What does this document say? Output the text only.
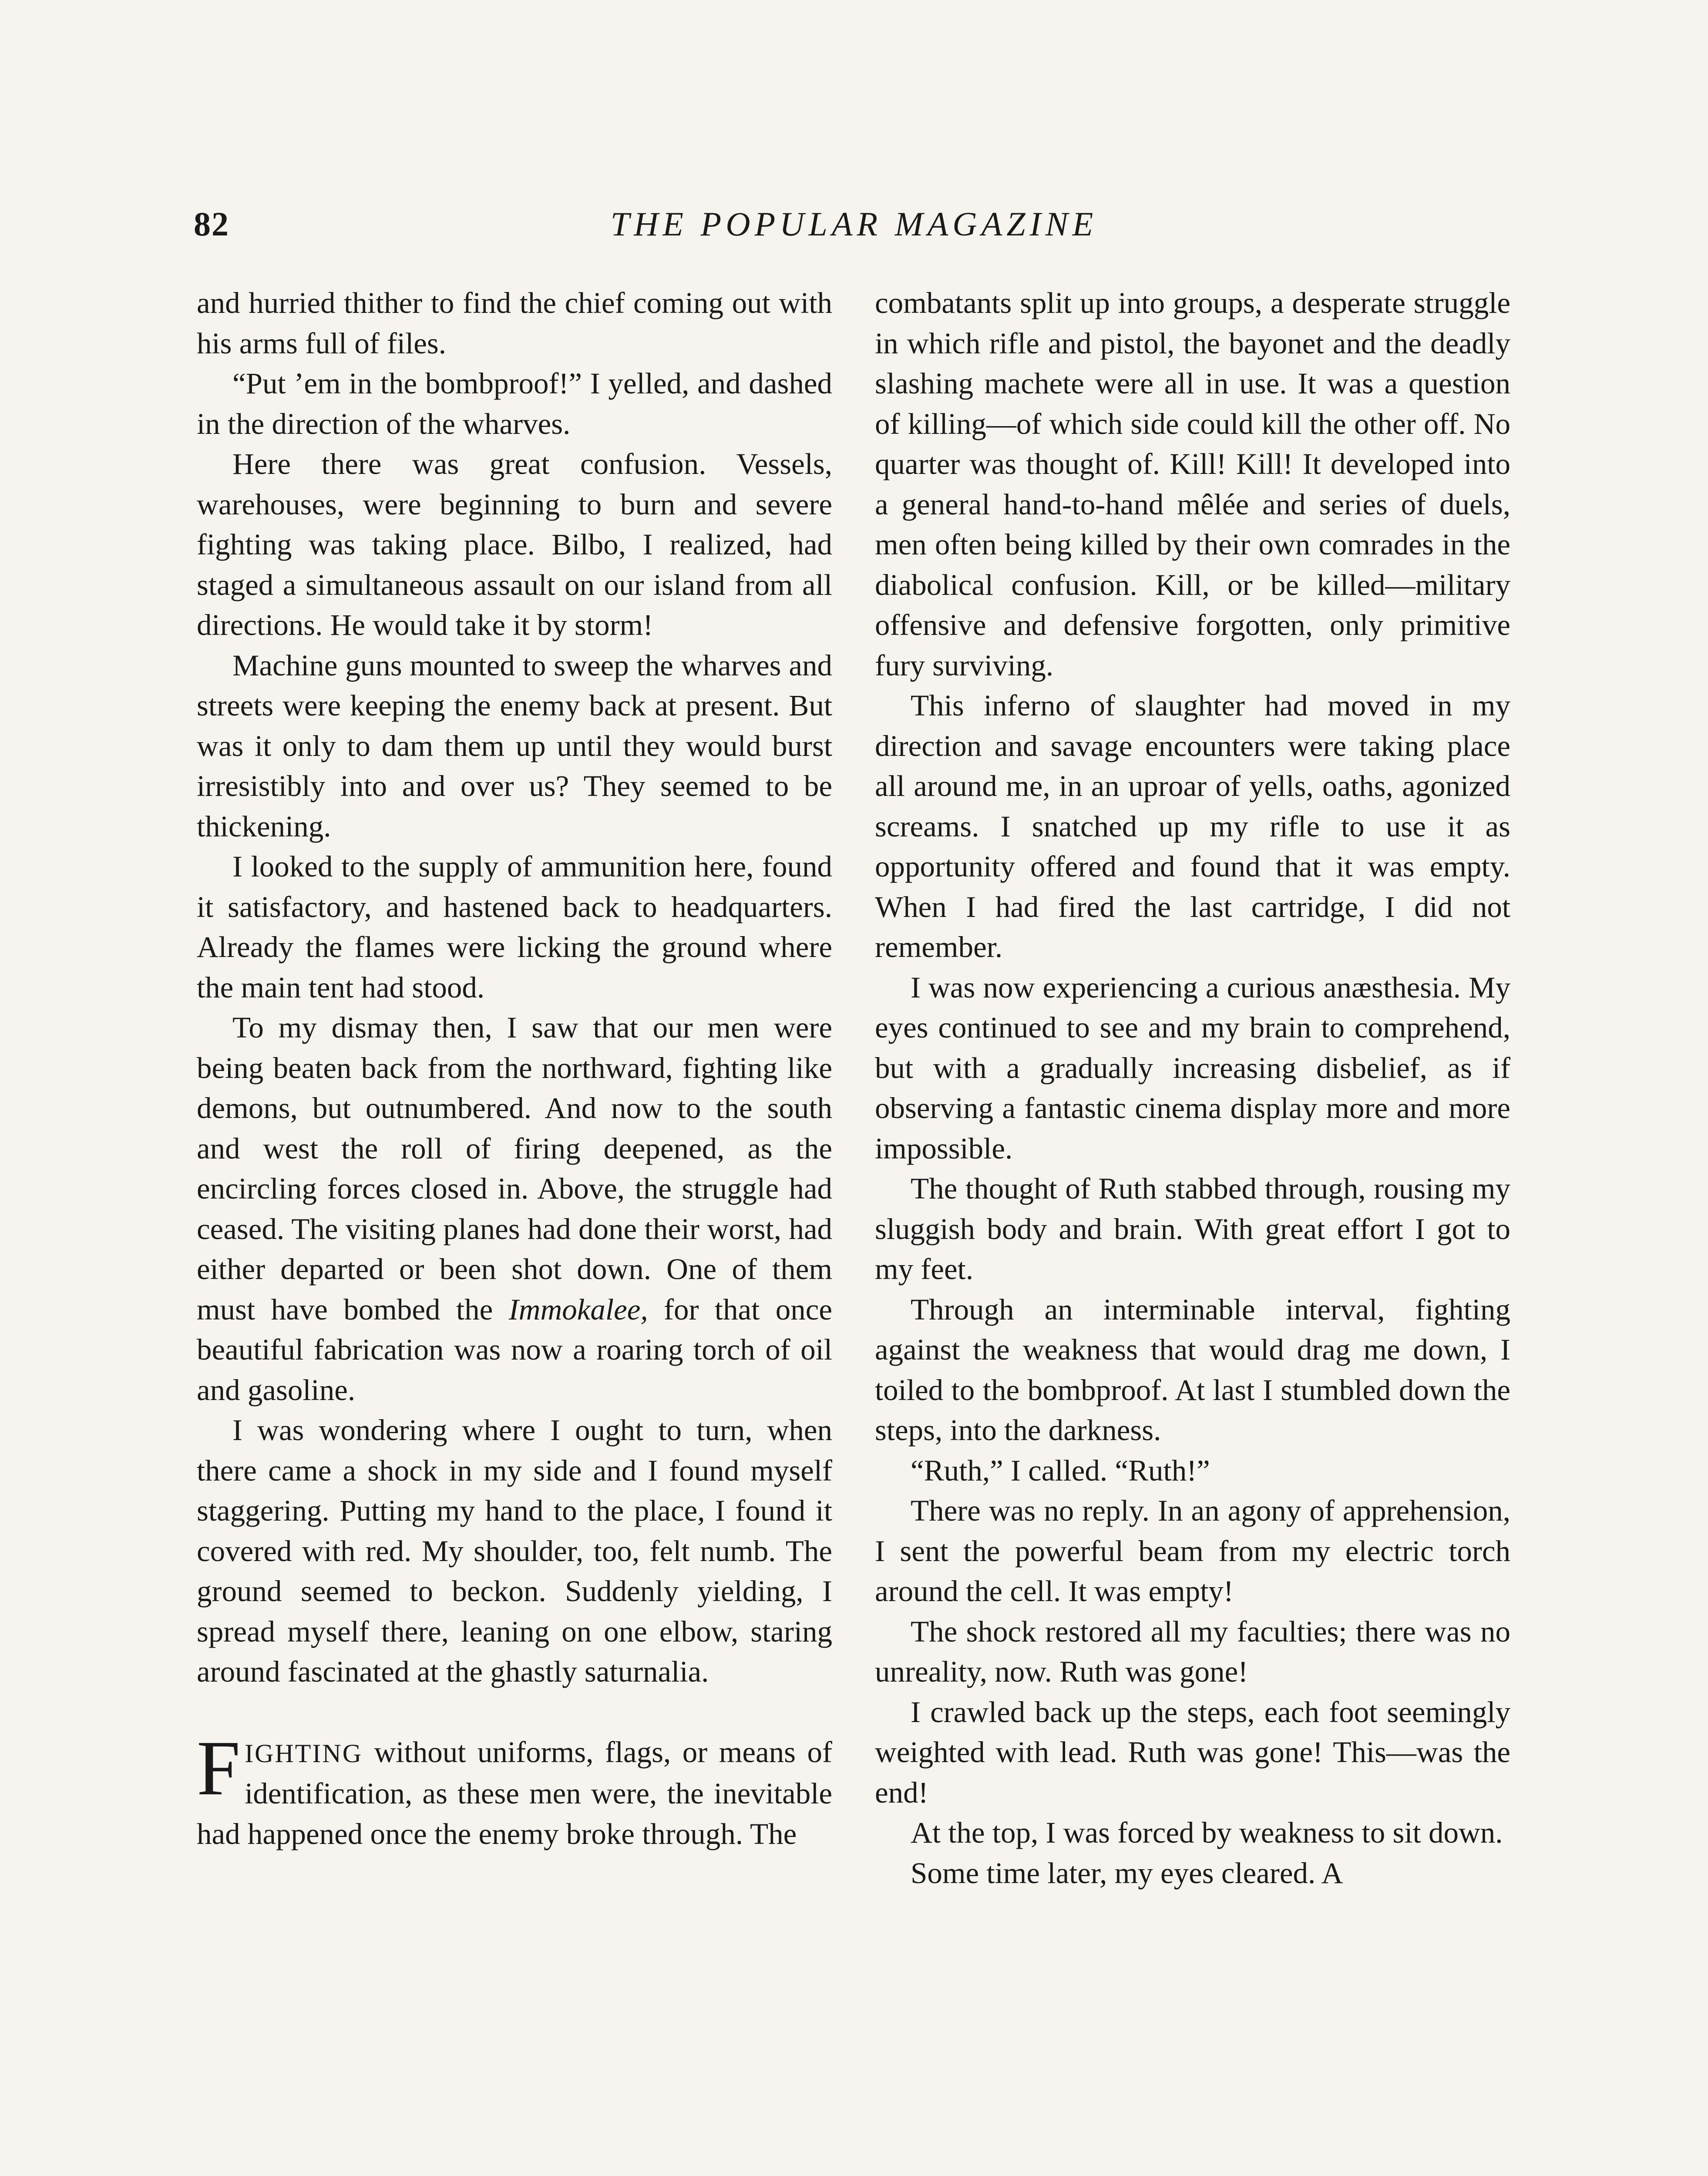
82	THE POPULAR MAGAZINE

and hurried thither to find the chief coming out with his arms full of files.

“Put ’em in the bombproof!” I yelled, and dashed in the direction of the wharves.

Here there was great confusion. Vessels, warehouses, were beginning to burn and severe fighting was taking place. Bilbo, I realized, had staged a simultaneous assault on our island from all directions. He would take it by storm!

Machine guns mounted to sweep the wharves and streets were keeping the enemy back at present. But was it only to dam them up until they would burst irresistibly into and over us? They seemed to be thickening.

I looked to the supply of ammunition here, found it satisfactory, and hastened back to headquarters. Already the flames were licking the ground where the main tent had stood.

To my dismay then, I saw that our men were being beaten back from the northward, fighting like demons, but outnumbered. And now to the south and west the roll of firing deepened, as the encircling forces closed in. Above, the struggle had ceased. The visiting planes had done their worst, had either departed or been shot down. One of them must have bombed the Immokalee, for that once beautiful fabrication was now a roaring torch of oil and gasoline.

I was wondering where I ought to turn, when there came a shock in my side and I found myself staggering. Putting my hand to the place, I found it covered with red. My shoulder, too, felt numb. The ground seemed to beckon. Suddenly yielding, I spread myself there, leaning on one elbow, staring around fascinated at the ghastly saturnalia.

FIGHTING without uniforms, flags, or means of identification, as these men were, the inevitable had happened once the enemy broke through. The

combatants split up into groups, a desperate struggle in which rifle and pistol, the bayonet and the deadly slashing machete were all in use. It was a question of killing—of which side could kill the other off. No quarter was thought of. Kill! Kill! It developed into a general hand-to-hand mêlée and series of duels, men often being killed by their own comrades in the diabolical confusion. Kill, or be killed—military offensive and defensive forgotten, only primitive fury surviving.

This inferno of slaughter had moved in my direction and savage encounters were taking place all around me, in an uproar of yells, oaths, agonized screams. I snatched up my rifle to use it as opportunity offered and found that it was empty. When I had fired the last cartridge, I did not remember.

I was now experiencing a curious anæsthesia. My eyes continued to see and my brain to comprehend, but with a gradually increasing disbelief, as if observing a fantastic cinema display more and more impossible.

The thought of Ruth stabbed through, rousing my sluggish body and brain. With great effort I got to my feet.

Through an interminable interval, fighting against the weakness that would drag me down, I toiled to the bombproof. At last I stumbled down the steps, into the darkness.

“Ruth,” I called. “Ruth!”

There was no reply. In an agony of apprehension, I sent the powerful beam from my electric torch around the cell. It was empty!

The shock restored all my faculties; there was no unreality, now. Ruth was gone!

I crawled back up the steps, each foot seemingly weighted with lead. Ruth was gone! This—was the end!

At the top, I was forced by weakness to sit down.

Some time later, my eyes cleared. A
